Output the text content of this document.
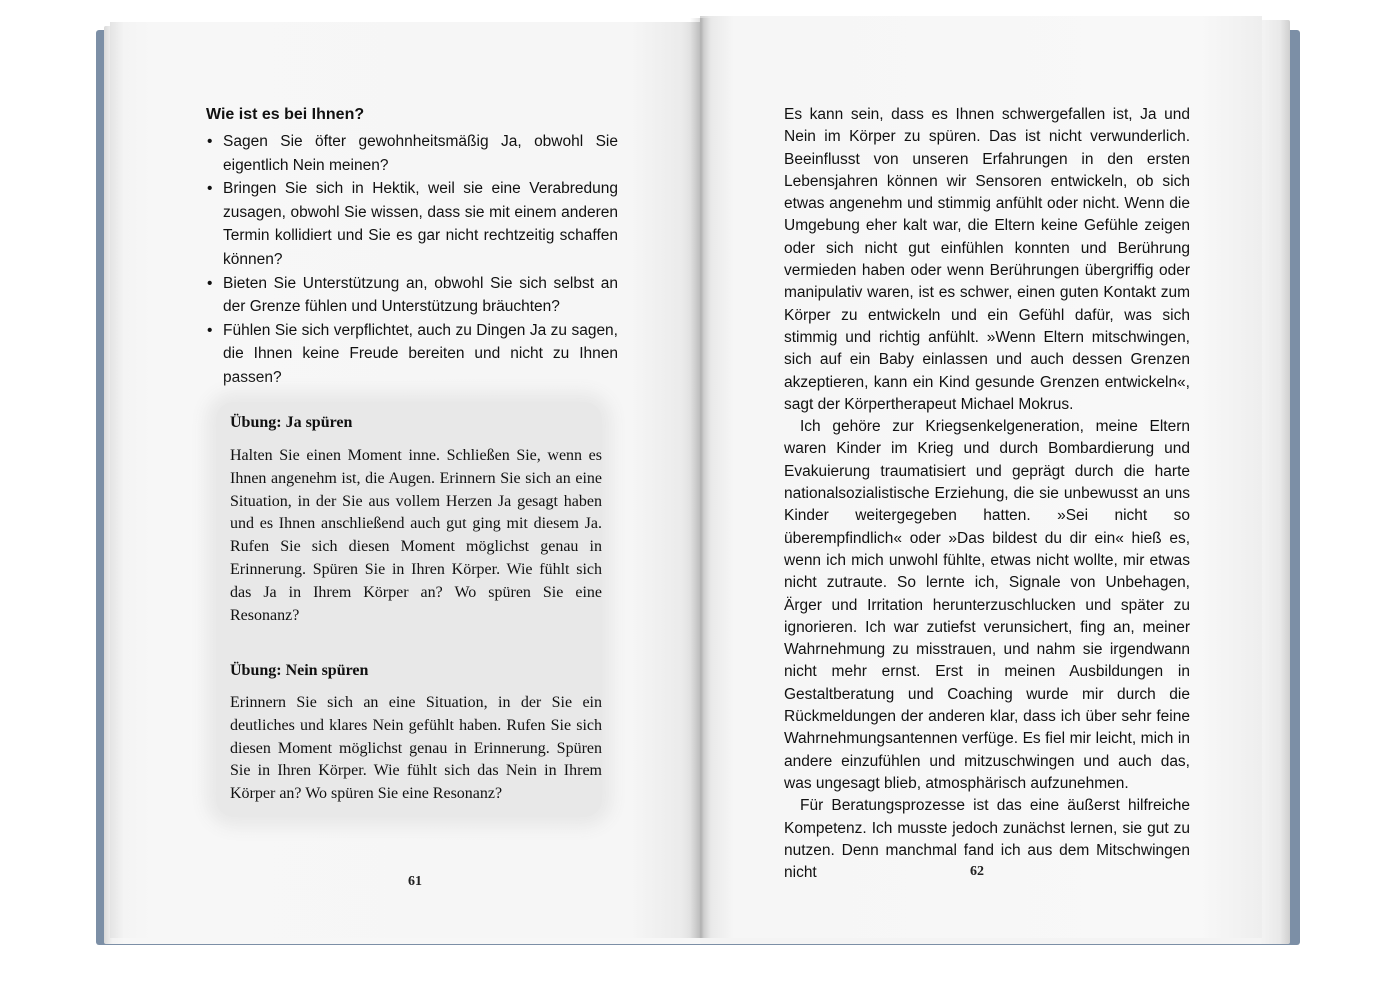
Wie ist es bei Ihnen?
• Sagen Sie öfter gewohnheitsmäßig Ja, obwohl Sie eigentlich Nein meinen?
• Bringen Sie sich in Hektik, weil sie eine Verabredung zusagen, obwohl Sie wissen, dass sie mit einem anderen Termin kollidiert und Sie es gar nicht rechtzeitig schaffen können?
• Bieten Sie Unterstützung an, obwohl Sie sich selbst an der Grenze fühlen und Unterstützung bräuchten?
• Fühlen Sie sich verpflichtet, auch zu Dingen Ja zu sagen, die Ihnen keine Freude bereiten und nicht zu Ihnen passen?
Übung: Ja spüren
Halten Sie einen Moment inne. Schließen Sie, wenn es Ihnen angenehm ist, die Augen. Erinnern Sie sich an eine Situation, in der Sie aus vollem Herzen Ja gesagt haben und es Ihnen anschließend auch gut ging mit diesem Ja. Rufen Sie sich diesen Moment möglichst genau in Erinnerung. Spüren Sie in Ihren Körper. Wie fühlt sich das Ja in Ihrem Körper an? Wo spüren Sie eine Resonanz?
Übung: Nein spüren
Erinnern Sie sich an eine Situation, in der Sie ein deutliches und klares Nein gefühlt haben. Rufen Sie sich diesen Moment möglichst genau in Erinnerung. Spüren Sie in Ihren Körper. Wie fühlt sich das Nein in Ihrem Körper an? Wo spüren Sie eine Resonanz?
61

Es kann sein, dass es Ihnen schwergefallen ist, Ja und Nein im Körper zu spüren. Das ist nicht verwunderlich. Beeinflusst von unseren Erfahrungen in den ersten Lebensjahren können wir Sensoren entwickeln, ob sich etwas angenehm und stimmig anfühlt oder nicht. Wenn die Umgebung eher kalt war, die Eltern keine Gefühle zeigen oder sich nicht gut einfühlen konnten und Berührung vermieden haben oder wenn Berührungen übergriffig oder manipulativ waren, ist es schwer, einen guten Kontakt zum Körper zu entwickeln und ein Gefühl dafür, was sich stimmig und richtig anfühlt. »Wenn Eltern mitschwingen, sich auf ein Baby einlassen und auch dessen Grenzen akzeptieren, kann ein Kind gesunde Grenzen entwickeln«, sagt der Körpertherapeut Michael Mokrus.

Ich gehöre zur Kriegsenkelgeneration, meine Eltern waren Kinder im Krieg und durch Bombardierung und Evakuierung traumatisiert und geprägt durch die harte nationalsozialistische Erziehung, die sie unbewusst an uns Kinder weitergegeben hatten. »Sei nicht so überempfindlich« oder »Das bildest du dir ein« hieß es, wenn ich mich unwohl fühlte, etwas nicht wollte, mir etwas nicht zutraute. So lernte ich, Signale von Unbehagen, Ärger und Irritation herunterzuschlucken und später zu ignorieren. Ich war zutiefst verunsichert, fing an, meiner Wahrnehmung zu misstrauen, und nahm sie irgendwann nicht mehr ernst. Erst in meinen Ausbildungen in Gestaltberatung und Coaching wurde mir durch die Rückmeldungen der anderen klar, dass ich über sehr feine Wahrnehmungsantennen verfüge. Es fiel mir leicht, mich in andere einzufühlen und mitzuschwingen und auch das, was ungesagt blieb, atmosphärisch aufzunehmen.

Für Beratungsprozesse ist das eine äußerst hilfreiche Kompetenz. Ich musste jedoch zunächst lernen, sie gut zu nutzen. Denn manchmal fand ich aus dem Mitschwingen nicht	62
